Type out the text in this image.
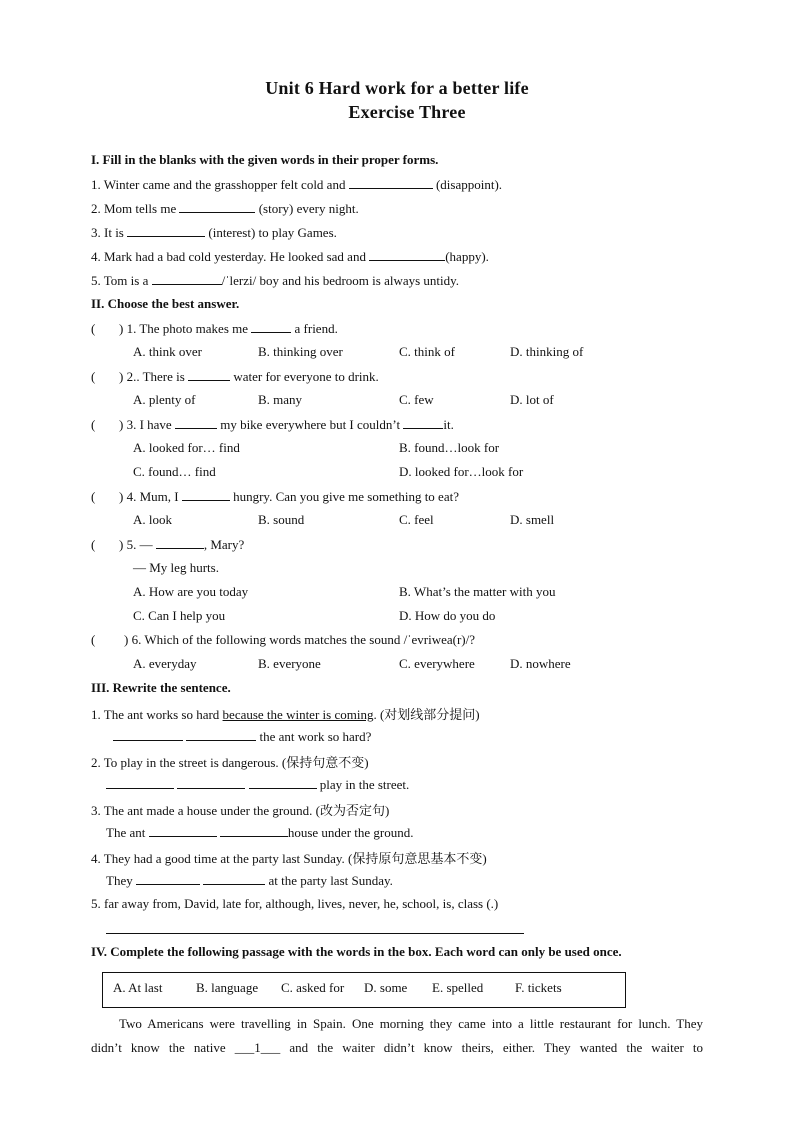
Unit 6 Hard work for a better life
Exercise Three
I. Fill in the blanks with the given words in their proper forms.
1. Winter came and the grasshopper felt cold and	(disappoint).
2. Mom tells me	(story) every night.
3. It is	(interest) to play Games.
4. Mark had a bad cold yesterday. He looked sad and	(happy).
5. Tom is a	/ˈlerzi/ boy and his bedroom is always untidy.
II. Choose the best answer.
(      ) 1. The photo makes me	a friend.
A. think over	B. thinking over	C. think of	D. thinking of
(      ) 2.. There is	water for everyone to drink.
A. plenty of	B. many	C. few	D. lot of
(      ) 3. I have	my bike everywhere but I couldn’t	it.
A. looked for… find	B. found…look for
C. found… find	D. looked for…look for
(      ) 4. Mum, I	hungry. Can you give me something to eat?
A. look	B. sound	C. feel	D. smell
(      ) 5. —	, Mary?
— My leg hurts.
A. How are you today	B. What’s the matter with you
C. Can I help you	D. How do you do
(      ) 6. Which of the following words matches the sound /ˈevriwea(r)/?
A. everyday	B. everyone	C. everywhere	D. nowhere
III. Rewrite the sentence.
1. The ant works so hard because the winter is coming. (对划线部分提问)
the ant work so hard?
2. To play in the street is dangerous. (保持句意不变)
play in the street.
3. The ant made a house under the ground. (改为否定句)
The ant	house under the ground.
4. They had a good time at the party last Sunday. (保持原句意思基本不变)
They	at the party last Sunday.
5. far away from, David, late for, although, lives, never, he, school, is, class (.)
IV. Complete the following passage with the words in the box. Each word can only be used once.
A. At last	B. language C. asked for D. some E. spelled F. tickets
Two Americans were travelling in Spain. One morning they came into a little restaurant for lunch. They
didn’t know the native ___1___ and the waiter didn’t know theirs, either. They wanted the waiter to
